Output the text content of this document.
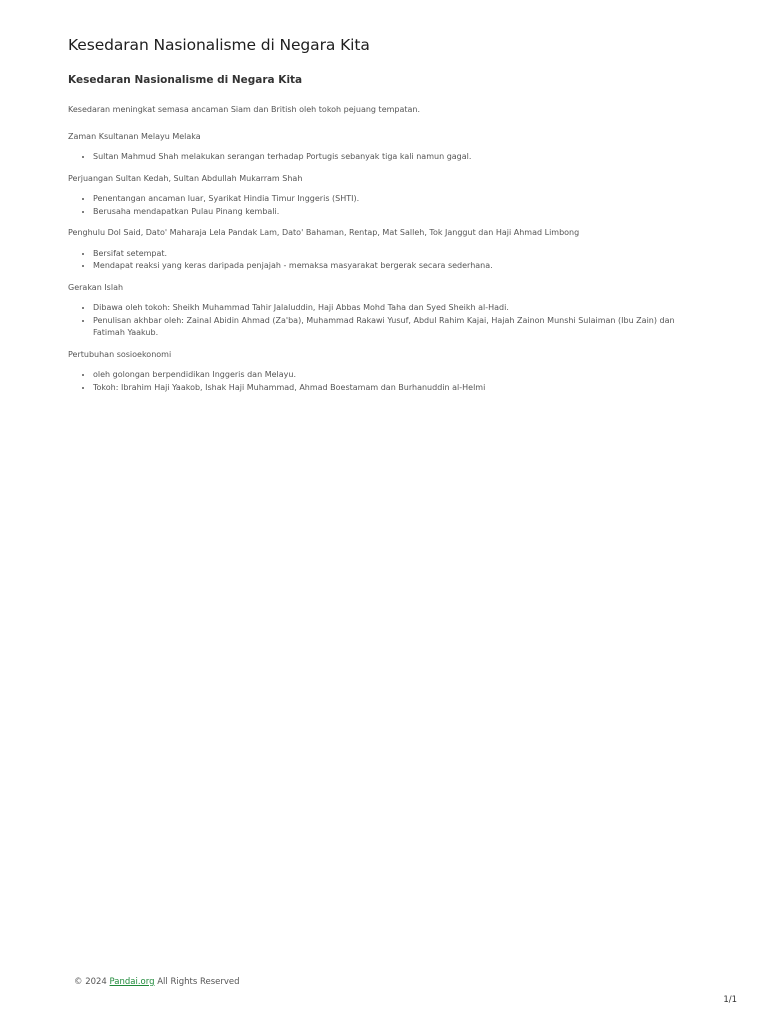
Kesedaran Nasionalisme di Negara Kita
Kesedaran Nasionalisme di Negara Kita

Kesedaran meningkat semasa ancaman Siam dan British oleh tokoh pejuang tempatan.

Zaman Ksultanan Melayu Melaka

• Sultan Mahmud Shah melakukan serangan terhadap Portugis sebanyak tiga kali namun gagal.

Perjuangan Sultan Kedah, Sultan Abdullah Mukarram Shah

• Penentangan ancaman luar, Syarikat Hindia Timur Inggeris (SHTI).
• Berusaha mendapatkan Pulau Pinang kembali.

Penghulu Dol Said, Dato' Maharaja Lela Pandak Lam, Dato' Bahaman, Rentap, Mat Salleh, Tok Janggut dan Haji Ahmad Limbong

• Bersifat setempat.
• Mendapat reaksi yang keras daripada penjajah - memaksa masyarakat bergerak secara sederhana.

Gerakan Islah

• Dibawa oleh tokoh: Sheikh Muhammad Tahir Jalaluddin, Haji Abbas Mohd Taha dan Syed Sheikh al-Hadi.
• Penulisan akhbar oleh: Zainal Abidin Ahmad (Za'ba), Muhammad Rakawi Yusuf, Abdul Rahim Kajai, Hajah Zainon Munshi Sulaiman (Ibu Zain) dan Fatimah Yaakub.

Pertubuhan sosioekonomi

• oleh golongan berpendidikan Inggeris dan Melayu.
• Tokoh: Ibrahim Haji Yaakob, Ishak Haji Muhammad, Ahmad Boestamam dan Burhanuddin al-Helmi
© 2024 Pandai.org All Rights Reserved
1/1
